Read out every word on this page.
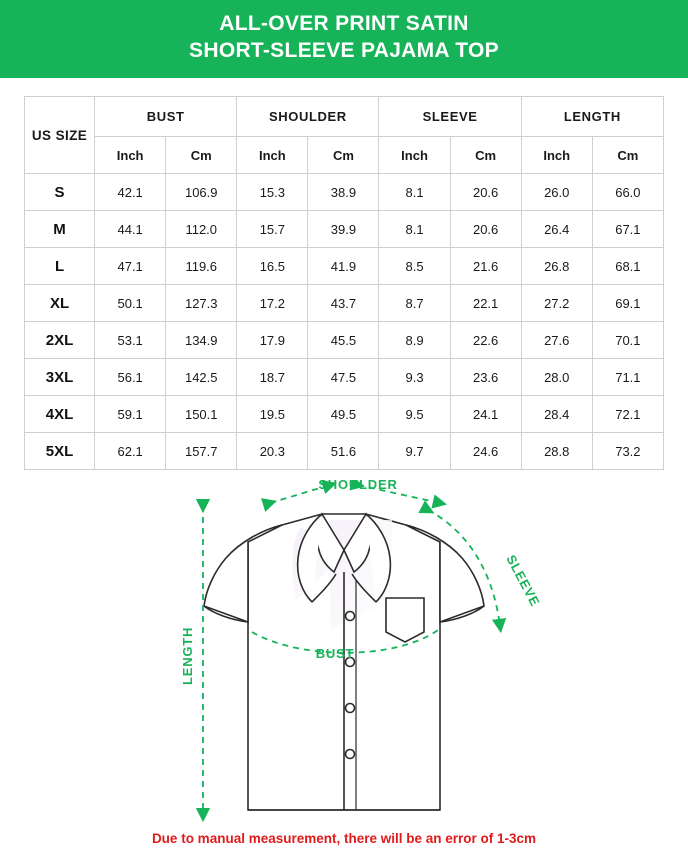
ALL-OVER PRINT SATIN
SHORT-SLEEVE PAJAMA TOP
US SIZE	BUST		SHOULDER		SLEEVE		LENGTH	
	Inch	Cm	Inch	Cm	Inch	Cm	Inch	Cm
S	42.1	106.9	15.3	38.9	8.1	20.6	26.0	66.0
M	44.1	112.0	15.7	39.9	8.1	20.6	26.4	67.1
L	47.1	119.6	16.5	41.9	8.5	21.6	26.8	68.1
XL	50.1	127.3	17.2	43.7	8.7	22.1	27.2	69.1
2XL	53.1	134.9	17.9	45.5	8.9	22.6	27.6	70.1
3XL	56.1	142.5	18.7	47.5	9.3	23.6	28.0	71.1
4XL	59.1	150.1	19.5	49.5	9.5	24.1	28.4	72.1
5XL	62.1	157.7	20.3	51.6	9.7	24.6	28.8	73.2
SHOULDER
SLEEVE
BUST
LENGTH
Due to manual measurement, there will be an error of 1-3cm
